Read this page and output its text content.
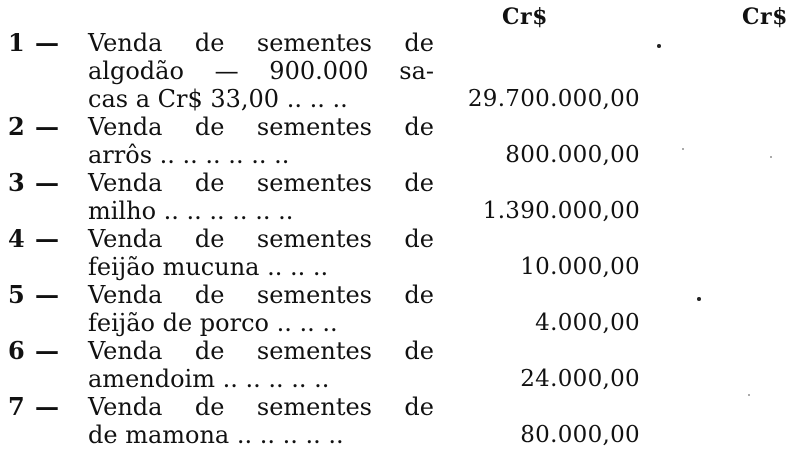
Cr$	Cr$
1 —	Venda de sementes de
algodão — 900.000 sa-
cas a Cr$ 33,00 .. .. ..	29.700.000,00
2 —	Venda de sementes de
arrôs .. .. .. .. .. ..	800.000,00
3 —	Venda de sementes de
milho .. .. .. .. .. ..	1.390.000,00
4 —	Venda de sementes de
feijão mucuna .. .. ..	10.000,00
5 —	Venda de sementes de
feijão de porco .. .. ..	4.000,00
6 —	Venda de sementes de
amendoim .. .. .. .. ..	24.000,00
7 —	Venda de sementes de
de mamona .. .. .. .. ..	80.000,00
